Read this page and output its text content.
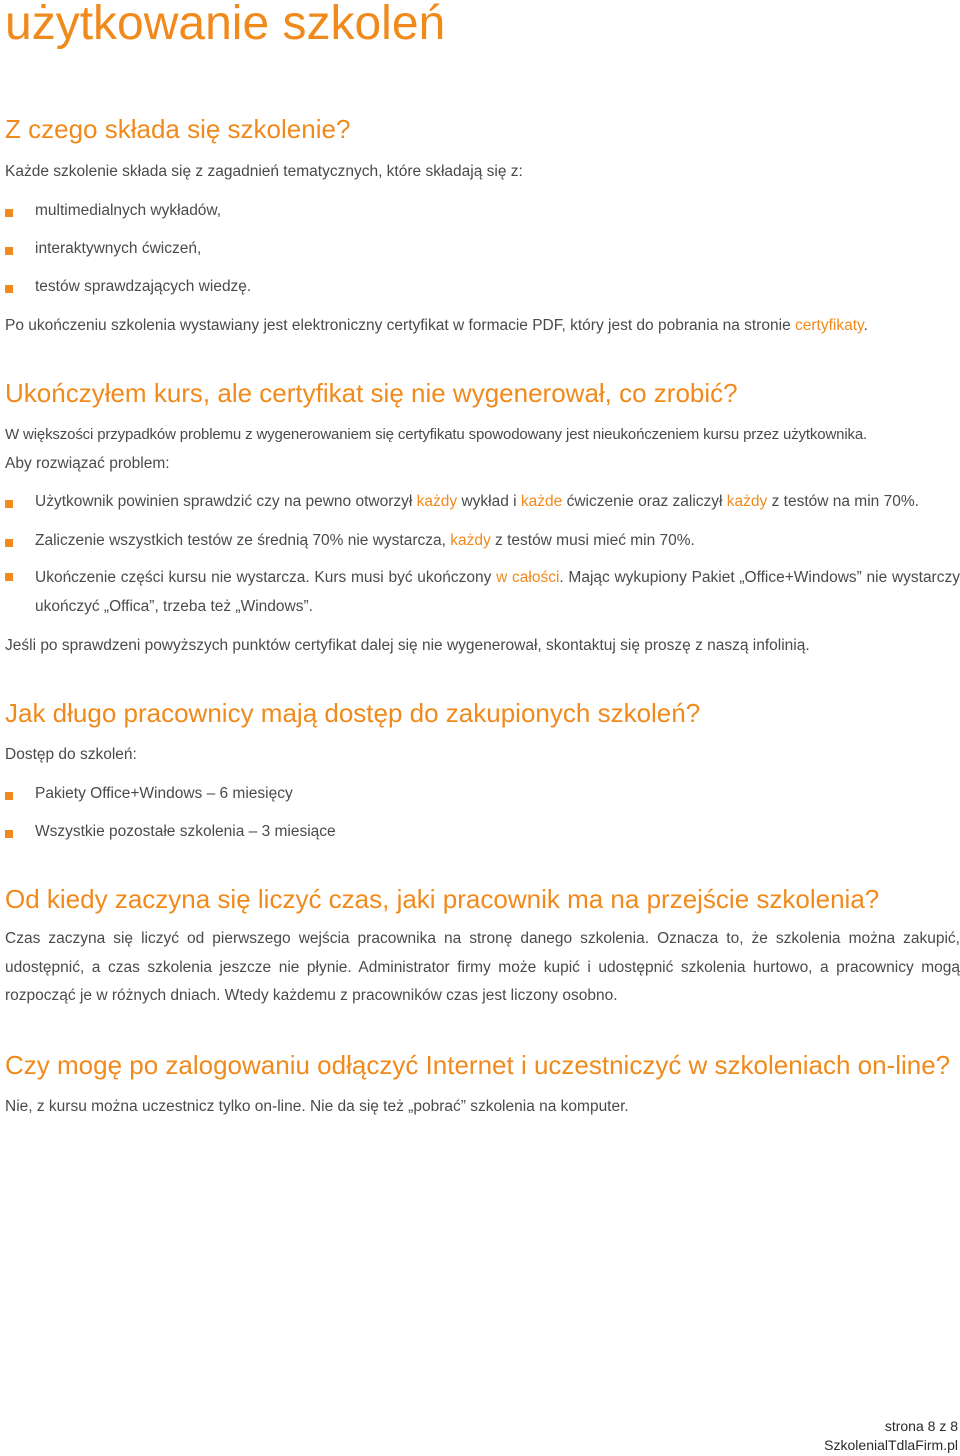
użytkowanie szkoleń
Z czego składa się szkolenie?

Każde szkolenie składa się z zagadnień tematycznych, które składają się z:

multimedialnych wykładów,
interaktywnych ćwiczeń,
testów sprawdzających wiedzę.

Po ukończeniu szkolenia wystawiany jest elektroniczny certyfikat w formacie PDF, który jest do pobrania na stronie certyfikaty.

Ukończyłem kurs, ale certyfikat się nie wygenerował, co zrobić?

W większości przypadków problemu z wygenerowaniem się certyfikatu spowodowany jest nieukończeniem kursu przez użytkownika.

Aby rozwiązać problem:

Użytkownik powinien sprawdzić czy na pewno otworzył każdy wykład i każde ćwiczenie oraz zaliczył każdy z testów na min 70%.
Zaliczenie wszystkich testów ze średnią 70% nie wystarcza, każdy z testów musi mieć min 70%.
Ukończenie części kursu nie wystarcza. Kurs musi być ukończony w całości. Mając wykupiony Pakiet „Office+Windows” nie wystarczy ukończyć „Offica”, trzeba też „Windows”.

Jeśli po sprawdzeni powyższych punktów certyfikat dalej się nie wygenerował, skontaktuj się proszę z naszą infolinią.

Jak długo pracownicy mają dostęp do zakupionych szkoleń?

Dostęp do szkoleń:

Pakiety Office+Windows – 6 miesięcy
Wszystkie pozostałe szkolenia – 3 miesiące
Od kiedy zaczyna się liczyć czas, jaki pracownik ma na przejście szkolenia?

Czas zaczyna się liczyć od pierwszego wejścia pracownika na stronę danego szkolenia. Oznacza to, że szkolenia można zakupić, udostępnić, a czas szkolenia jeszcze nie płynie. Administrator firmy może kupić i udostępnić szkolenia hurtowo, a pracownicy mogą rozpocząć je w różnych dniach. Wtedy każdemu z pracowników czas jest liczony osobno.

Czy mogę po zalogowaniu odłączyć Internet i uczestniczyć w szkoleniach on-line?

Nie, z kursu można uczestnicz tylko on-line. Nie da się też „pobrać” szkolenia na komputer.

strona 8 z 8
SzkolenialTdlaFirm.pl
